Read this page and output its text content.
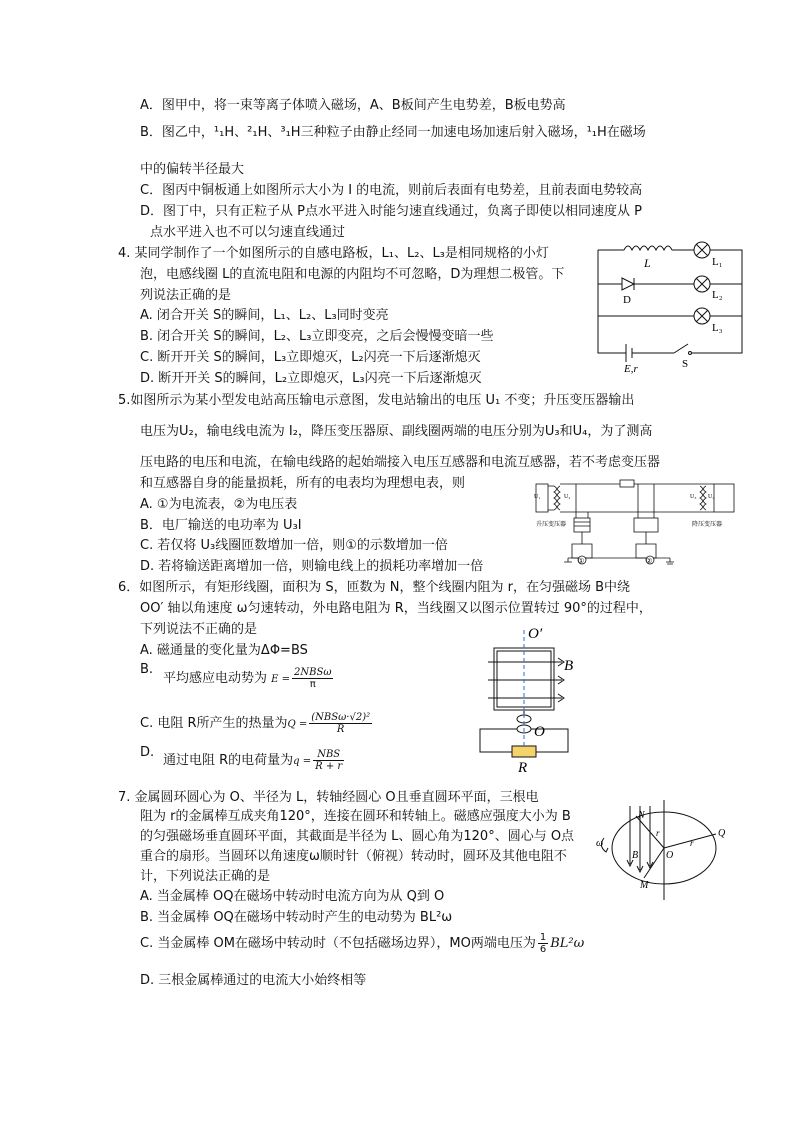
A．图甲中，将一束等离子体喷入磁场，A、B板间产生电势差，B板电势高
B．图乙中，¹₁H、²₁H、³₁H三种粒子由静止经同一加速电场加速后射入磁场，¹₁H在磁场
中的偏转半径最大
C．图丙中铜板通上如图所示大小为 I 的电流，则前后表面有电势差，且前表面电势较高
D．图丁中，只有正粒子从 P点水平进入时能匀速直线通过，负离子即使以相同速度从 P
点水平进入也不可以匀速直线通过
4. 某同学制作了一个如图所示的自感电路板，L₁、L₂、L₃是相同规格的小灯
泡，电感线圈 L的直流电阻和电源的内阻均不可忽略，D为理想二极管。下
列说法正确的是
A. 闭合开关 S的瞬间，L₁、L₂、L₃同时变亮
B. 闭合开关 S的瞬间，L₂、L₃立即变亮，之后会慢慢变暗一些
C. 断开开关 S的瞬间，L₃立即熄灭，L₂闪亮一下后逐渐熄灭
D. 断开开关 S的瞬间，L₂立即熄灭，L₃闪亮一下后逐渐熄灭
L	L₁
D	L₂
L₃
E,r	S
5.如图所示为某小型发电站高压输电示意图，发电站输出的电压 U₁ 不变；升压变压器输出
电压为U₂，输电线电流为 I₂，降压变压器原、副线圈两端的电压分别为U₃和U₄，为了测高
压电路的电压和电流，在输电线路的起始端接入电压互感器和电流互感器，若不考虑变压器
和互感器自身的能量损耗，所有的电表均为理想电表，则
A. ①为电流表，②为电压表
B．电厂输送的电功率为 U₃I
C. 若仅将 U₃线圈匝数增加一倍，则①的示数增加一倍
D. 若将输送距离增加一倍，则输电线上的损耗功率增加一倍	①	②
U₁	U₂	U₃ U₄
升压变压器	降压变压器
6．如图所示，有矩形线圈，面积为 S，匝数为 N，整个线圈内阻为 r，在匀强磁场 B中绕
OO′ 轴以角速度 ω匀速转动，外电路电阻为 R，当线圈又以图示位置转过 90°的过程中，
下列说法不正确的是
A. 磁通量的变化量为ΔΦ=BS
B.
平均感应电动势为 $E = \frac{\text{2NBSω}}{\pi}$
C. 电阻 R所产生的热量为$Q = \frac{\text{(NBSω·√2)²}}{R}$
D.
通过电阻 R的电荷量为$q = \frac{\text{NBS}}{R + r}$
O′
B
O
R
7. 金属圆环圆心为 O、半径为 L，转轴经圆心 O且垂直圆环平面，三根电
阻为 r的金属棒互成夹角120°，连接在圆环和转轴上。磁感应强度大小为 B
的匀强磁场垂直圆环平面，其截面是半径为 L、圆心角为120°、圆心与 O点
重合的扇形。当圆环以角速度ω顺时针（俯视）转动时，圆环及其他电阻不
计，下列说法正确的是
A. 当金属棒 OQ在磁场中转动时电流方向为从 Q到 O
B. 当金属棒 OQ在磁场中转动时产生的电动势为 BL²ω
C. 当金属棒 OM在磁场中转动时（不包括磁场边界），MO两端电压为 $\frac{1}{6} BL^2\omega$
D. 三根金属棒通过的电流大小始终相等
N
Q
B	O
M
r
r
ω
